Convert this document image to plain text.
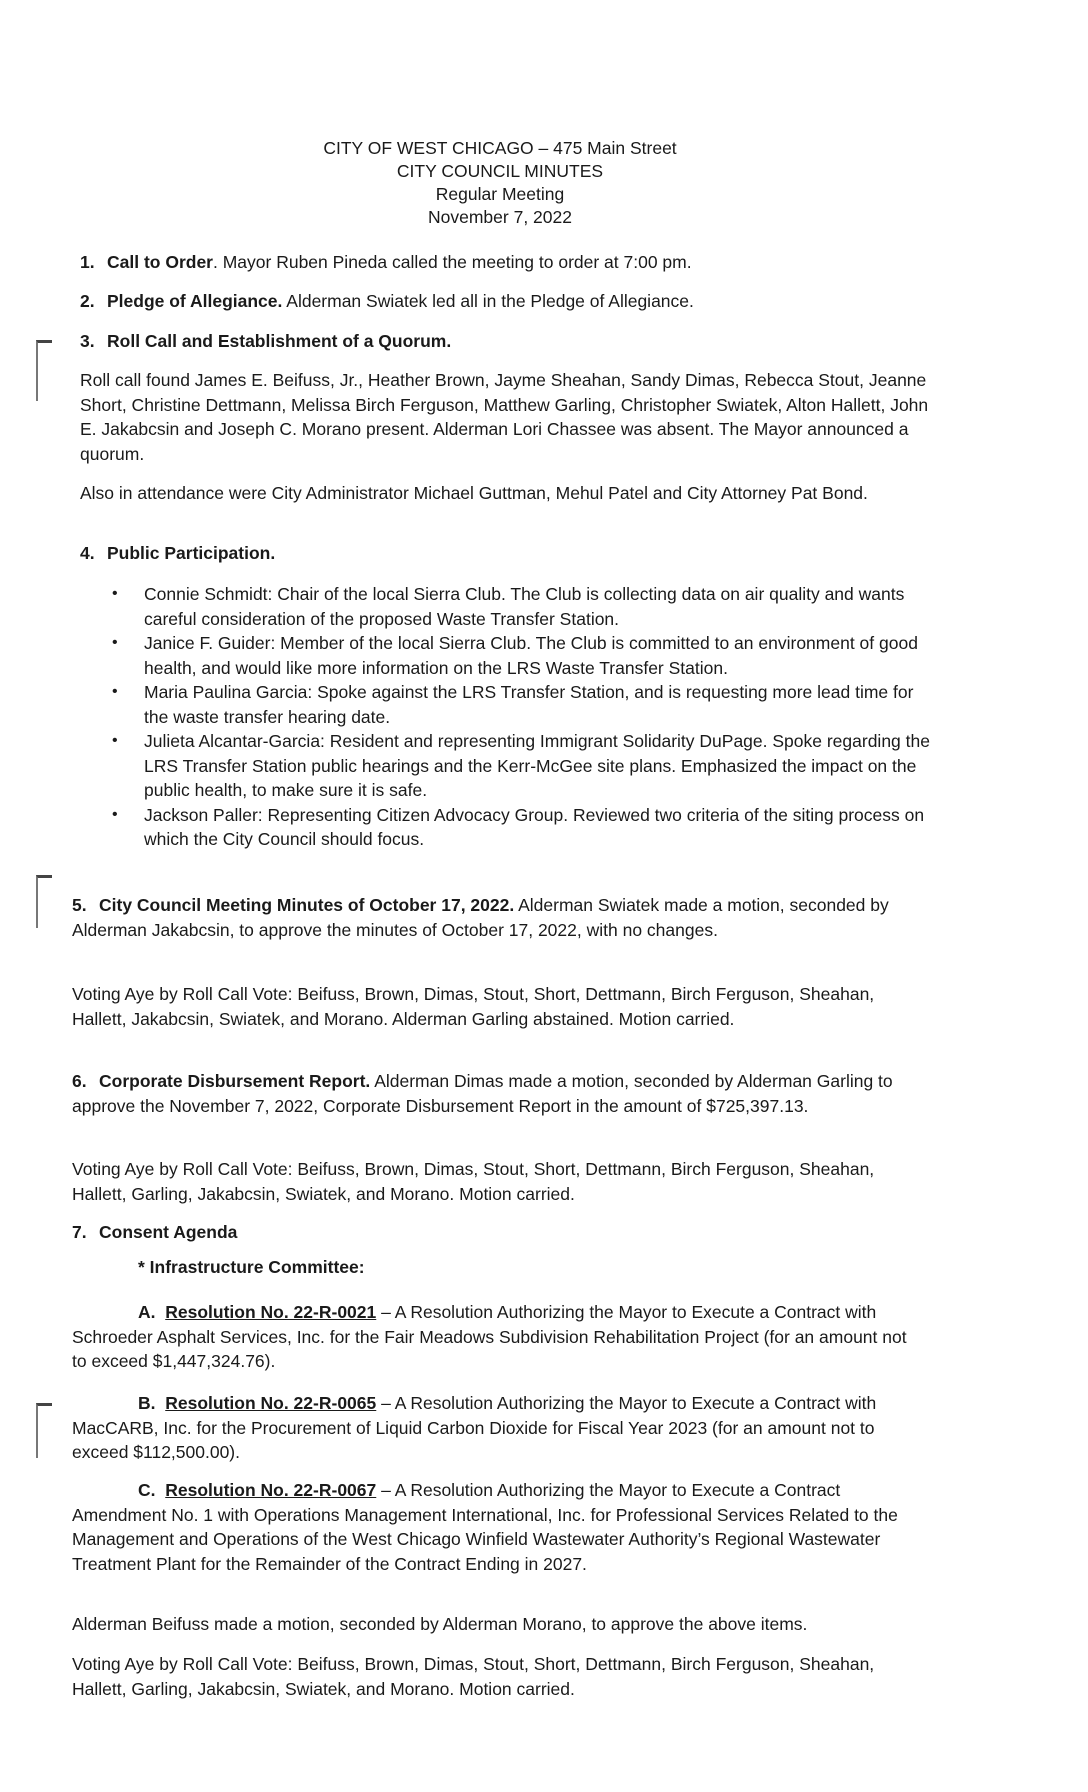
CITY OF WEST CHICAGO – 475 Main Street
CITY COUNCIL MINUTES
Regular Meeting
November 7, 2022
1. Call to Order. Mayor Ruben Pineda called the meeting to order at 7:00 pm.
2. Pledge of Allegiance. Alderman Swiatek led all in the Pledge of Allegiance.
3. Roll Call and Establishment of a Quorum.
Roll call found James E. Beifuss, Jr., Heather Brown, Jayme Sheahan, Sandy Dimas, Rebecca Stout, Jeanne Short, Christine Dettmann, Melissa Birch Ferguson, Matthew Garling, Christopher Swiatek, Alton Hallett, John E. Jakabcsin and Joseph C. Morano present. Alderman Lori Chassee was absent. The Mayor announced a quorum.
Also in attendance were City Administrator Michael Guttman, Mehul Patel and City Attorney Pat Bond.
4. Public Participation.
• Connie Schmidt: Chair of the local Sierra Club. The Club is collecting data on air quality and wants careful consideration of the proposed Waste Transfer Station.
• Janice F. Guider: Member of the local Sierra Club. The Club is committed to an environment of good health, and would like more information on the LRS Waste Transfer Station.
• Maria Paulina Garcia: Spoke against the LRS Transfer Station, and is requesting more lead time for the waste transfer hearing date.
• Julieta Alcantar-Garcia: Resident and representing Immigrant Solidarity DuPage. Spoke regarding the LRS Transfer Station public hearings and the Kerr-McGee site plans. Emphasized the impact on the public health, to make sure it is safe.
• Jackson Paller: Representing Citizen Advocacy Group. Reviewed two criteria of the siting process on which the City Council should focus.
5. City Council Meeting Minutes of October 17, 2022. Alderman Swiatek made a motion, seconded by Alderman Jakabcsin, to approve the minutes of October 17, 2022, with no changes.
Voting Aye by Roll Call Vote: Beifuss, Brown, Dimas, Stout, Short, Dettmann, Birch Ferguson, Sheahan, Hallett, Jakabcsin, Swiatek, and Morano. Alderman Garling abstained. Motion carried.
6. Corporate Disbursement Report. Alderman Dimas made a motion, seconded by Alderman Garling to approve the November 7, 2022, Corporate Disbursement Report in the amount of $725,397.13.
Voting Aye by Roll Call Vote: Beifuss, Brown, Dimas, Stout, Short, Dettmann, Birch Ferguson, Sheahan, Hallett, Garling, Jakabcsin, Swiatek, and Morano. Motion carried.
7. Consent Agenda
* Infrastructure Committee:
A. Resolution No. 22-R-0021 – A Resolution Authorizing the Mayor to Execute a Contract with Schroeder Asphalt Services, Inc. for the Fair Meadows Subdivision Rehabilitation Project (for an amount not to exceed $1,447,324.76).
B. Resolution No. 22-R-0065 – A Resolution Authorizing the Mayor to Execute a Contract with MacCARB, Inc. for the Procurement of Liquid Carbon Dioxide for Fiscal Year 2023 (for an amount not to exceed $112,500.00).
C. Resolution No. 22-R-0067 – A Resolution Authorizing the Mayor to Execute a Contract Amendment No. 1 with Operations Management International, Inc. for Professional Services Related to the Management and Operations of the West Chicago Winfield Wastewater Authority’s Regional Wastewater Treatment Plant for the Remainder of the Contract Ending in 2027.
Alderman Beifuss made a motion, seconded by Alderman Morano, to approve the above items.
Voting Aye by Roll Call Vote: Beifuss, Brown, Dimas, Stout, Short, Dettmann, Birch Ferguson, Sheahan, Hallett, Garling, Jakabcsin, Swiatek, and Morano. Motion carried.
